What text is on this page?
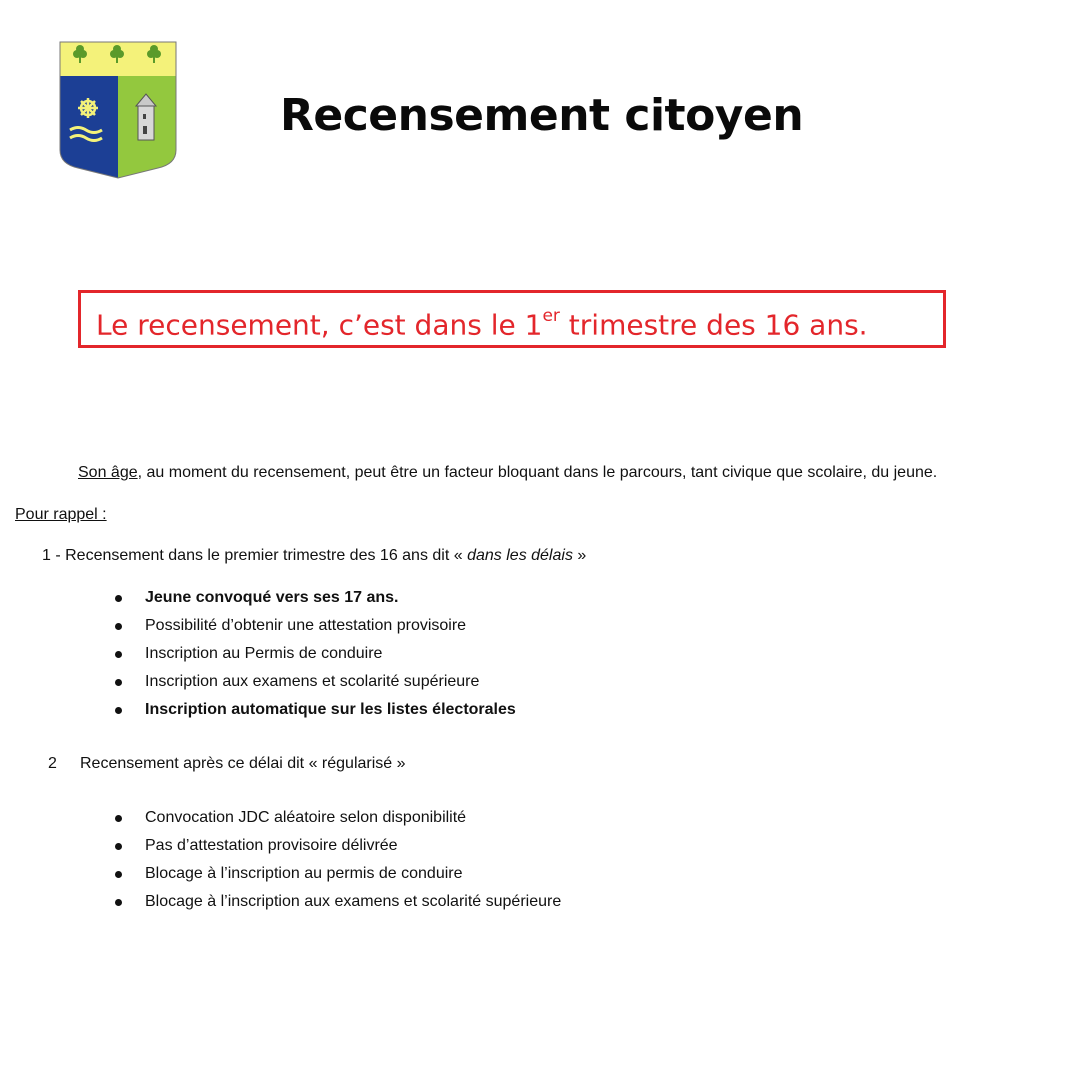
Recensement citoyen
Le recensement, c’est dans le 1er trimestre des 16 ans.
Son âge, au moment du recensement, peut être un facteur bloquant dans le parcours, tant civique que scolaire, du jeune.
Pour rappel :
1 - Recensement dans le premier trimestre des 16 ans dit « dans les délais »
Jeune convoqué vers ses 17 ans.
Possibilité d’obtenir une attestation provisoire
Inscription au Permis de conduire
Inscription aux examens et scolarité supérieure
Inscription automatique sur les listes électorales
2 Recensement après ce délai dit « régularisé »
Convocation JDC aléatoire selon disponibilité
Pas d’attestation provisoire délivrée
Blocage à l’inscription au permis de conduire
Blocage à l’inscription aux examens et scolarité supérieure
